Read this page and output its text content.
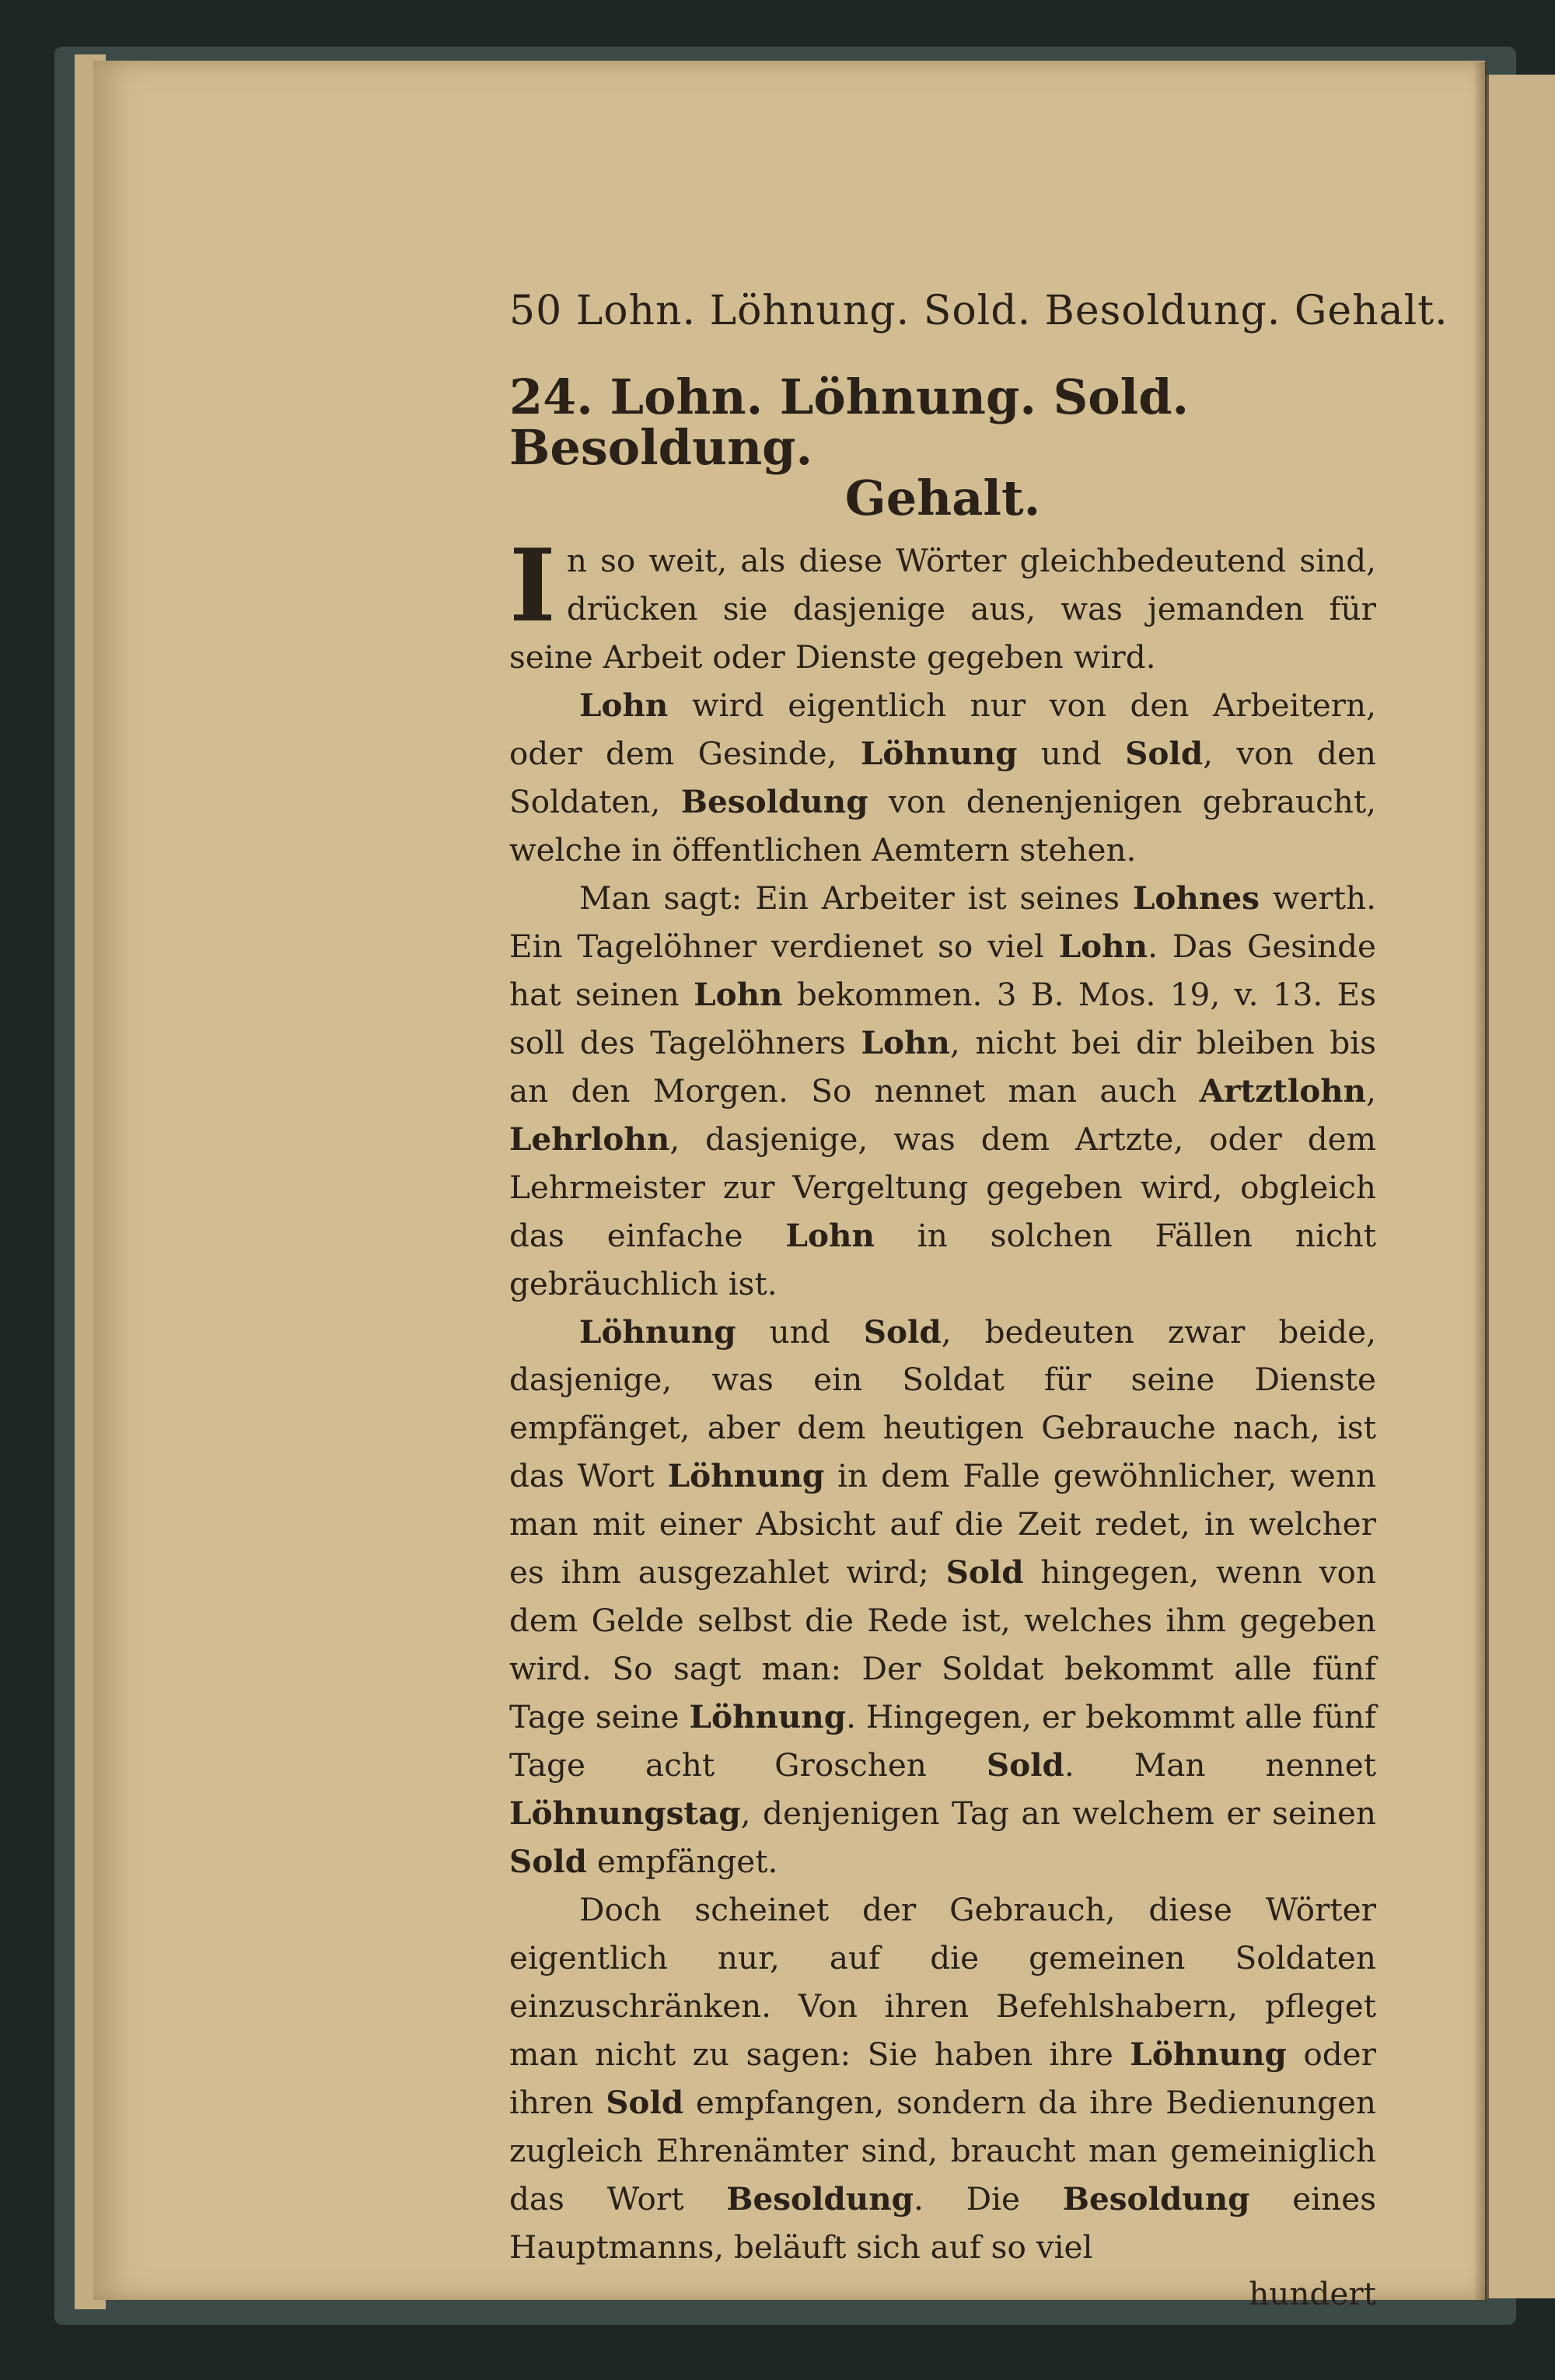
50 Lohn. Löhnung. Sold. Besoldung. Gehalt.
24. Lohn. Löhnung. Sold. Besoldung.
Gehalt.

In so weit, als diese Wörter gleichbedeutend sind, drücken sie dasjenige aus, was jemanden für seine Arbeit oder Dienste gegeben wird.

Lohn wird eigentlich nur von den Arbeitern, oder dem Gesinde, Löhnung und Sold, von den Soldaten, Besoldung von denenjenigen gebraucht, welche in öffentlichen Aemtern stehen.

Man sagt: Ein Arbeiter ist seines Lohnes werth. Ein Tagelöhner verdienet so viel Lohn. Das Gesinde hat seinen Lohn bekommen. 3 B. Mos. 19, v. 13. Es soll des Tagelöhners Lohn, nicht bei dir bleiben bis an den Morgen. So nennet man auch Artztlohn, Lehrlohn, dasjenige, was dem Artzte, oder dem Lehrmeister zur Vergeltung gegeben wird, obgleich das einfache Lohn in solchen Fällen nicht gebräuchlich ist.

Löhnung und Sold, bedeuten zwar beide, dasjenige, was ein Soldat für seine Dienste empfänget, aber dem heutigen Gebrauche nach, ist das Wort Löhnung in dem Falle gewöhnlicher, wenn man mit einer Absicht auf die Zeit redet, in welcher es ihm ausgezahlet wird; Sold hingegen, wenn von dem Gelde selbst die Rede ist, welches ihm gegeben wird. So sagt man: Der Soldat bekommt alle fünf Tage seine Löhnung. Hingegen, er bekommt alle fünf Tage acht Groschen Sold. Man nennet Löhnungstag, denjenigen Tag an welchem er seinen Sold empfänget.

Doch scheinet der Gebrauch, diese Wörter eigentlich nur, auf die gemeinen Soldaten einzuschränken. Von ihren Befehlshabern, pfleget man nicht zu sagen: Sie haben ihre Löhnung oder ihren Sold empfangen, sondern da ihre Bedienungen zugleich Ehrenämter sind, braucht man gemeiniglich das Wort Besoldung. Die Besoldung eines Hauptmanns, beläuft sich auf so viel

hundert
